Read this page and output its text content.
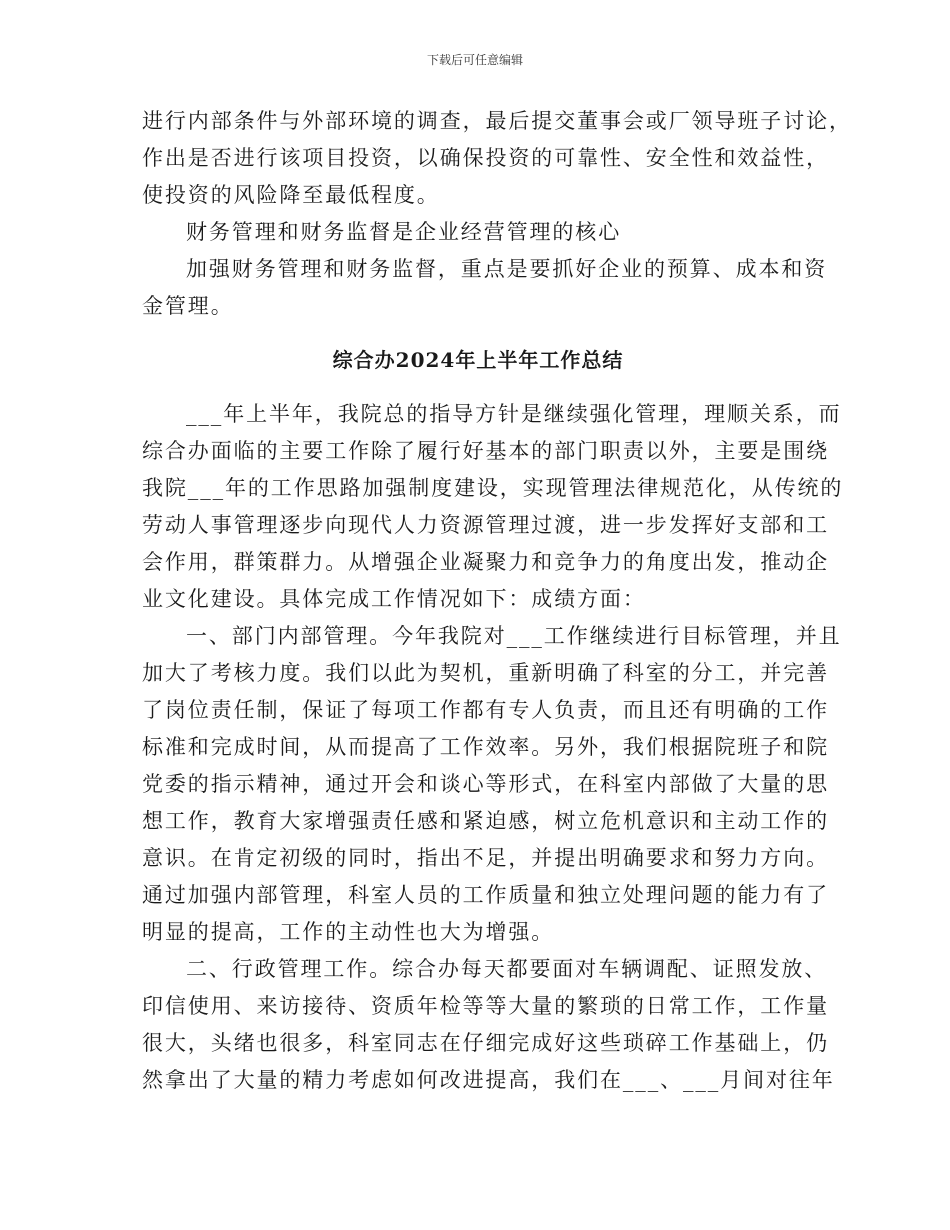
下载后可任意编辑
进行内部条件与外部环境的调查，最后提交董事会或厂领导班子讨论，
作出是否进行该项目投资，以确保投资的可靠性、安全性和效益性，
使投资的风险降至最低程度。
财务管理和财务监督是企业经营管理的核心
加强财务管理和财务监督，重点是要抓好企业的预算、成本和资
金管理。
综合办2024年上半年工作总结
___年上半年，我院总的指导方针是继续强化管理，理顺关系，而
综合办面临的主要工作除了履行好基本的部门职责以外，主要是围绕
我院___年的工作思路加强制度建设，实现管理法律规范化，从传统的
劳动人事管理逐步向现代人力资源管理过渡，进一步发挥好支部和工
会作用，群策群力。从增强企业凝聚力和竞争力的角度出发，推动企
业文化建设。具体完成工作情况如下：成绩方面：
一、部门内部管理。今年我院对___工作继续进行目标管理，并且
加大了考核力度。我们以此为契机，重新明确了科室的分工，并完善
了岗位责任制，保证了每项工作都有专人负责，而且还有明确的工作
标准和完成时间，从而提高了工作效率。另外，我们根据院班子和院
党委的指示精神，通过开会和谈心等形式，在科室内部做了大量的思
想工作，教育大家增强责任感和紧迫感，树立危机意识和主动工作的
意识。在肯定初级的同时，指出不足，并提出明确要求和努力方向。
通过加强内部管理，科室人员的工作质量和独立处理问题的能力有了
明显的提高，工作的主动性也大为增强。
二、行政管理工作。综合办每天都要面对车辆调配、证照发放、
印信使用、来访接待、资质年检等等大量的繁琐的日常工作，工作量
很大，头绪也很多，科室同志在仔细完成好这些琐碎工作基础上，仍
然拿出了大量的精力考虑如何改进提高，我们在___、___月间对往年
